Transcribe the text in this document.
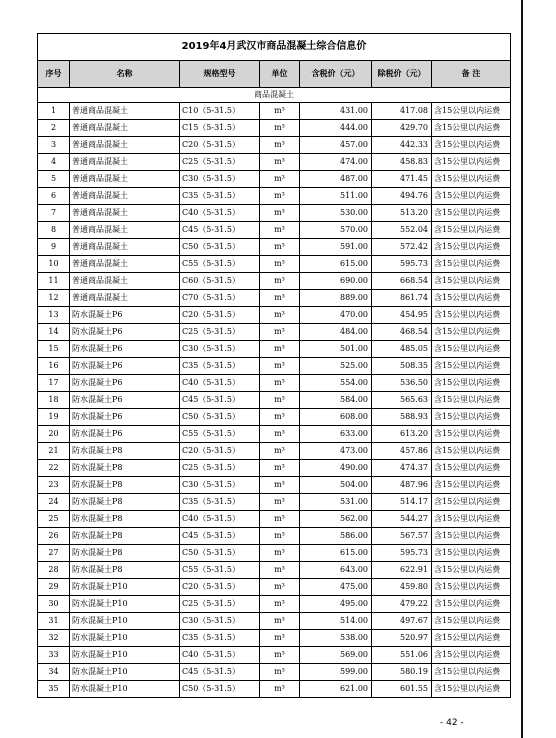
2019年4月武汉市商品混凝土综合信息价						
序号	名称	规格型号	单位	含税价（元）	除税价（元）	备 注
商品混凝土						
1	普通商品混凝土	C10（5-31.5）	m³	431.00	417.08	含15公里以内运费
2	普通商品混凝土	C15（5-31.5）	m³	444.00	429.70	含15公里以内运费
3	普通商品混凝土	C20（5-31.5）	m³	457.00	442.33	含15公里以内运费
4	普通商品混凝土	C25（5-31.5）	m³	474.00	458.83	含15公里以内运费
5	普通商品混凝土	C30（5-31.5）	m³	487.00	471.45	含15公里以内运费
6	普通商品混凝土	C35（5-31.5）	m³	511.00	494.76	含15公里以内运费
7	普通商品混凝土	C40（5-31.5）	m³	530.00	513.20	含15公里以内运费
8	普通商品混凝土	C45（5-31.5）	m³	570.00	552.04	含15公里以内运费
9	普通商品混凝土	C50（5-31.5）	m³	591.00	572.42	含15公里以内运费
10	普通商品混凝土	C55（5-31.5）	m³	615.00	595.73	含15公里以内运费
11	普通商品混凝土	C60（5-31.5）	m³	690.00	668.54	含15公里以内运费
12	普通商品混凝土	C70（5-31.5）	m³	889.00	861.74	含15公里以内运费
13	防水混凝土P6	C20（5-31.5）	m³	470.00	454.95	含15公里以内运费
14	防水混凝土P6	C25（5-31.5）	m³	484.00	468.54	含15公里以内运费
15	防水混凝土P6	C30（5-31.5）	m³	501.00	485.05	含15公里以内运费
16	防水混凝土P6	C35（5-31.5）	m³	525.00	508.35	含15公里以内运费
17	防水混凝土P6	C40（5-31.5）	m³	554.00	536.50	含15公里以内运费
18	防水混凝土P6	C45（5-31.5）	m³	584.00	565.63	含15公里以内运费
19	防水混凝土P6	C50（5-31.5）	m³	608.00	588.93	含15公里以内运费
20	防水混凝土P6	C55（5-31.5）	m³	633.00	613.20	含15公里以内运费
21	防水混凝土P8	C20（5-31.5）	m³	473.00	457.86	含15公里以内运费
22	防水混凝土P8	C25（5-31.5）	m³	490.00	474.37	含15公里以内运费
23	防水混凝土P8	C30（5-31.5）	m³	504.00	487.96	含15公里以内运费
24	防水混凝土P8	C35（5-31.5）	m³	531.00	514.17	含15公里以内运费
25	防水混凝土P8	C40（5-31.5）	m³	562.00	544.27	含15公里以内运费
26	防水混凝土P8	C45（5-31.5）	m³	586.00	567.57	含15公里以内运费
27	防水混凝土P8	C50（5-31.5）	m³	615.00	595.73	含15公里以内运费
28	防水混凝土P8	C55（5-31.5）	m³	643.00	622.91	含15公里以内运费
29	防水混凝土P10	C20（5-31.5）	m³	475.00	459.80	含15公里以内运费
30	防水混凝土P10	C25（5-31.5）	m³	495.00	479.22	含15公里以内运费
31	防水混凝土P10	C30（5-31.5）	m³	514.00	497.67	含15公里以内运费
32	防水混凝土P10	C35（5-31.5）	m³	538.00	520.97	含15公里以内运费
33	防水混凝土P10	C40（5-31.5）	m³	569.00	551.06	含15公里以内运费
34	防水混凝土P10	C45（5-31.5）	m³	599.00	580.19	含15公里以内运费
35	防水混凝土P10	C50（5-31.5）	m³	621.00	601.55	含15公里以内运费
- 42 -
